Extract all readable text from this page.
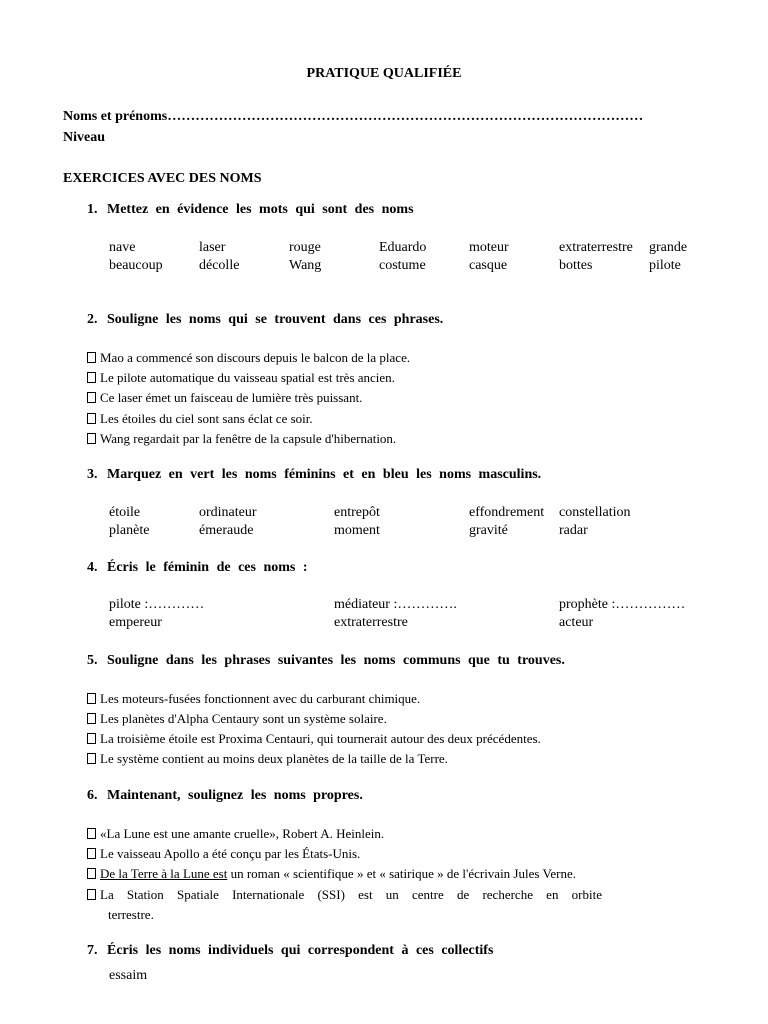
PRATIQUE QUALIFIÉE
Noms et prénoms…………………………………………………………………………………………
Niveau
EXERCICES AVEC DES NOMS
1. Mettez en évidence les mots qui sont des noms
nave	laser	rouge	Eduardo	moteur	extraterrestre grande
beaucoup	décolle	Wang	costume	casque	bottes	pilote
2. Souligne les noms qui se trouvent dans ces phrases.
Mao a commencé son discours depuis le balcon de la place.
Le pilote automatique du vaisseau spatial est très ancien.
Ce laser émet un faisceau de lumière très puissant.
Les étoiles du ciel sont sans éclat ce soir.
Wang regardait par la fenêtre de la capsule d'hibernation.
3. Marquez en vert les noms féminins et en bleu les noms masculins.
étoile	ordinateur	entrepôt	effondrement constellation
planète	émeraude	moment	gravité	radar
4. Écris le féminin de ces noms :
pilote :…………	médiateur :………….	prophète :……………
empereur	extraterrestre	acteur
5. Souligne dans les phrases suivantes les noms communs que tu trouves.
Les moteurs-fusées fonctionnent avec du carburant chimique.
Les planètes d'Alpha Centaury sont un système solaire.
La troisième étoile est Proxima Centauri, qui tournerait autour des deux précédentes.
Le système contient au moins deux planètes de la taille de la Terre.
6. Maintenant, soulignez les noms propres.
«La Lune est une amante cruelle», Robert A. Heinlein.
Le vaisseau Apollo a été conçu par les États-Unis.
De la Terre à la Lune est un roman « scientifique » et « satirique » de l'écrivain Jules Verne.
La Station Spatiale Internationale (SSI) est un centre de recherche en orbite
terrestre.
7. Écris les noms individuels qui correspondent à ces collectifs
essaim
